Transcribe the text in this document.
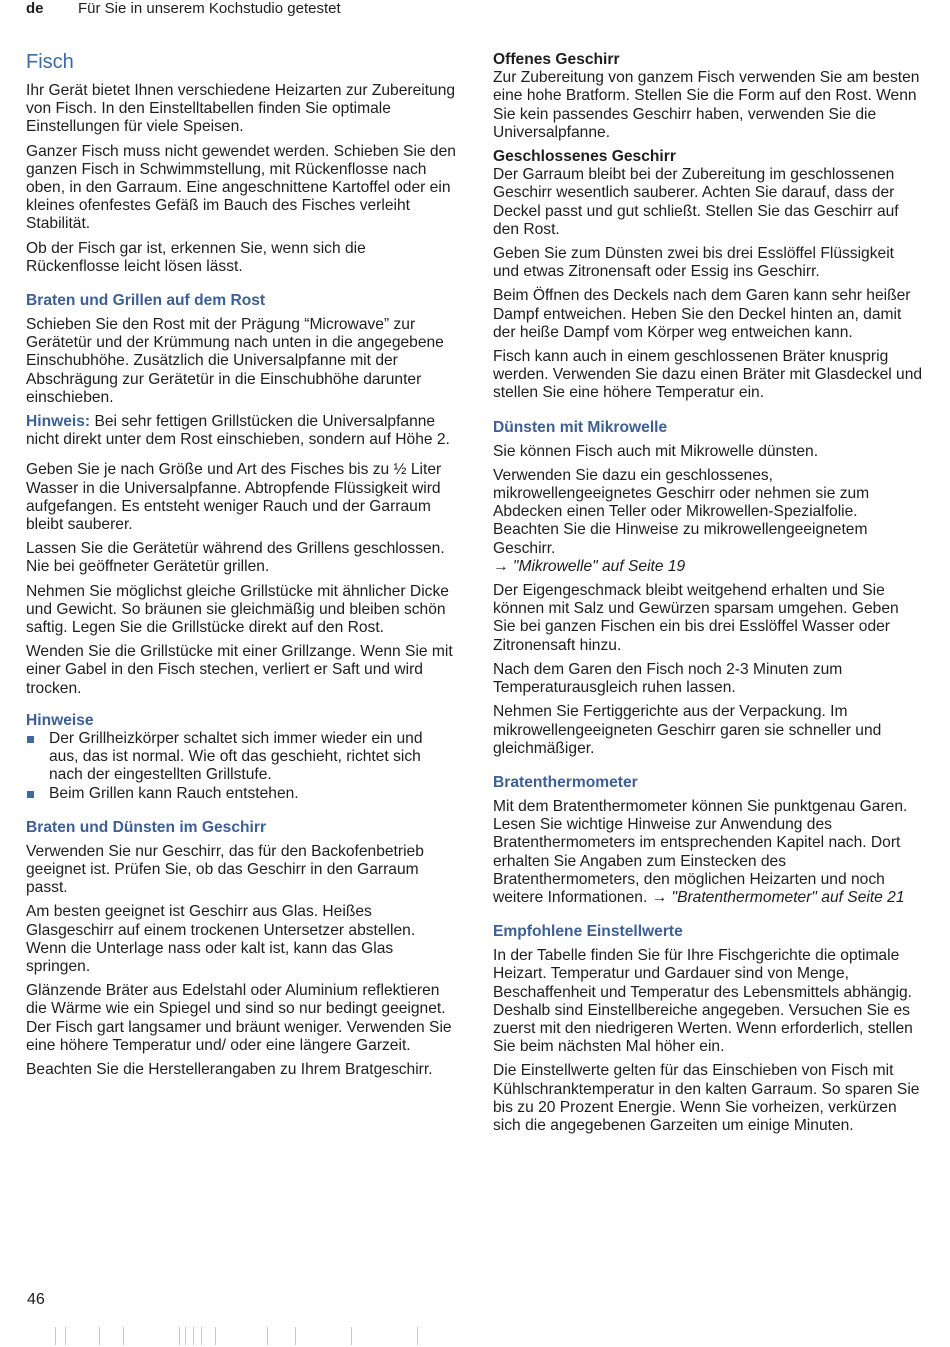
de Für Sie in unserem Kochstudio getestet
Fisch

Ihr Gerät bietet Ihnen verschiedene Heizarten zur Zubereitung von Fisch. In den Einstelltabellen finden Sie optimale Einstellungen für viele Speisen.

Ganzer Fisch muss nicht gewendet werden. Schieben Sie den ganzen Fisch in Schwimmstellung, mit Rückenflosse nach oben, in den Garraum. Eine angeschnittene Kartoffel oder ein kleines ofenfestes Gefäß im Bauch des Fisches verleiht Stabilität.

Ob der Fisch gar ist, erkennen Sie, wenn sich die Rückenflosse leicht lösen lässt.

Braten und Grillen auf dem Rost

Schieben Sie den Rost mit der Prägung “Microwave” zur Gerätetür und der Krümmung nach unten in die angegebene Einschubhöhe. Zusätzlich die Universalpfanne mit der Abschrägung zur Gerätetür in die Einschubhöhe darunter einschieben.

Hinweis: Bei sehr fettigen Grillstücken die Universalpfanne nicht direkt unter dem Rost einschieben, sondern auf Höhe 2.

Geben Sie je nach Größe und Art des Fisches bis zu ½ Liter Wasser in die Universalpfanne. Abtropfende Flüssigkeit wird aufgefangen. Es entsteht weniger Rauch und der Garraum bleibt sauberer.

Lassen Sie die Gerätetür während des Grillens geschlossen. Nie bei geöffneter Gerätetür grillen.

Nehmen Sie möglichst gleiche Grillstücke mit ähnlicher Dicke und Gewicht. So bräunen sie gleichmäßig und bleiben schön saftig. Legen Sie die Grillstücke direkt auf den Rost.

Wenden Sie die Grillstücke mit einer Grillzange. Wenn Sie mit einer Gabel in den Fisch stechen, verliert er Saft und wird trocken.

Hinweise
Der Grillheizkörper schaltet sich immer wieder ein und aus, das ist normal. Wie oft das geschieht, richtet sich nach der eingestellten Grillstufe.
Beim Grillen kann Rauch entstehen.
Braten und Dünsten im Geschirr

Verwenden Sie nur Geschirr, das für den Backofenbetrieb geeignet ist. Prüfen Sie, ob das Geschirr in den Garraum passt.

Am besten geeignet ist Geschirr aus Glas. Heißes Glasgeschirr auf einem trockenen Untersetzer abstellen. Wenn die Unterlage nass oder kalt ist, kann das Glas springen.

Glänzende Bräter aus Edelstahl oder Aluminium reflektieren die Wärme wie ein Spiegel und sind so nur bedingt geeignet. Der Fisch gart langsamer und bräunt weniger. Verwenden Sie eine höhere Temperatur und/ oder eine längere Garzeit.

Beachten Sie die Herstellerangaben zu Ihrem Bratgeschirr.

Offenes Geschirr

Zur Zubereitung von ganzem Fisch verwenden Sie am besten eine hohe Bratform. Stellen Sie die Form auf den Rost. Wenn Sie kein passendes Geschirr haben, verwenden Sie die Universalpfanne.

Geschlossenes Geschirr

Der Garraum bleibt bei der Zubereitung im geschlossenen Geschirr wesentlich sauberer. Achten Sie darauf, dass der Deckel passt und gut schließt. Stellen Sie das Geschirr auf den Rost.

Geben Sie zum Dünsten zwei bis drei Esslöffel Flüssigkeit und etwas Zitronensaft oder Essig ins Geschirr.

Beim Öffnen des Deckels nach dem Garen kann sehr heißer Dampf entweichen. Heben Sie den Deckel hinten an, damit der heiße Dampf vom Körper weg entweichen kann.

Fisch kann auch in einem geschlossenen Bräter knusprig werden. Verwenden Sie dazu einen Bräter mit Glasdeckel und stellen Sie eine höhere Temperatur ein.

Dünsten mit Mikrowelle

Sie können Fisch auch mit Mikrowelle dünsten.

Verwenden Sie dazu ein geschlossenes, mikrowellengeeignetes Geschirr oder nehmen sie zum Abdecken einen Teller oder Mikrowellen-Spezialfolie. Beachten Sie die Hinweise zu mikrowellengeeignetem Geschirr.

→ "Mikrowelle" auf Seite 19

Der Eigengeschmack bleibt weitgehend erhalten und Sie können mit Salz und Gewürzen sparsam umgehen. Geben Sie bei ganzen Fischen ein bis drei Esslöffel Wasser oder Zitronensaft hinzu.

Nach dem Garen den Fisch noch 2-3 Minuten zum Temperaturausgleich ruhen lassen.

Nehmen Sie Fertiggerichte aus der Verpackung. Im mikrowellengeeigneten Geschirr garen sie schneller und gleichmäßiger.

Bratenthermometer

Mit dem Bratenthermometer können Sie punktgenau Garen. Lesen Sie wichtige Hinweise zur Anwendung des Bratenthermometers im entsprechenden Kapitel nach. Dort erhalten Sie Angaben zum Einstecken des Bratenthermometers, den möglichen Heizarten und noch weitere Informationen. → "Bratenthermometer" auf Seite 21

Empfohlene Einstellwerte

In der Tabelle finden Sie für Ihre Fischgerichte die optimale Heizart. Temperatur und Gardauer sind von Menge, Beschaffenheit und Temperatur des Lebensmittels abhängig. Deshalb sind Einstellbereiche angegeben. Versuchen Sie es zuerst mit den niedrigeren Werten. Wenn erforderlich, stellen Sie beim nächsten Mal höher ein.

Die Einstellwerte gelten für das Einschieben von Fisch mit Kühlschranktemperatur in den kalten Garraum. So sparen Sie bis zu 20 Prozent Energie. Wenn Sie vorheizen, verkürzen sich die angegebenen Garzeiten um einige Minuten.

46
